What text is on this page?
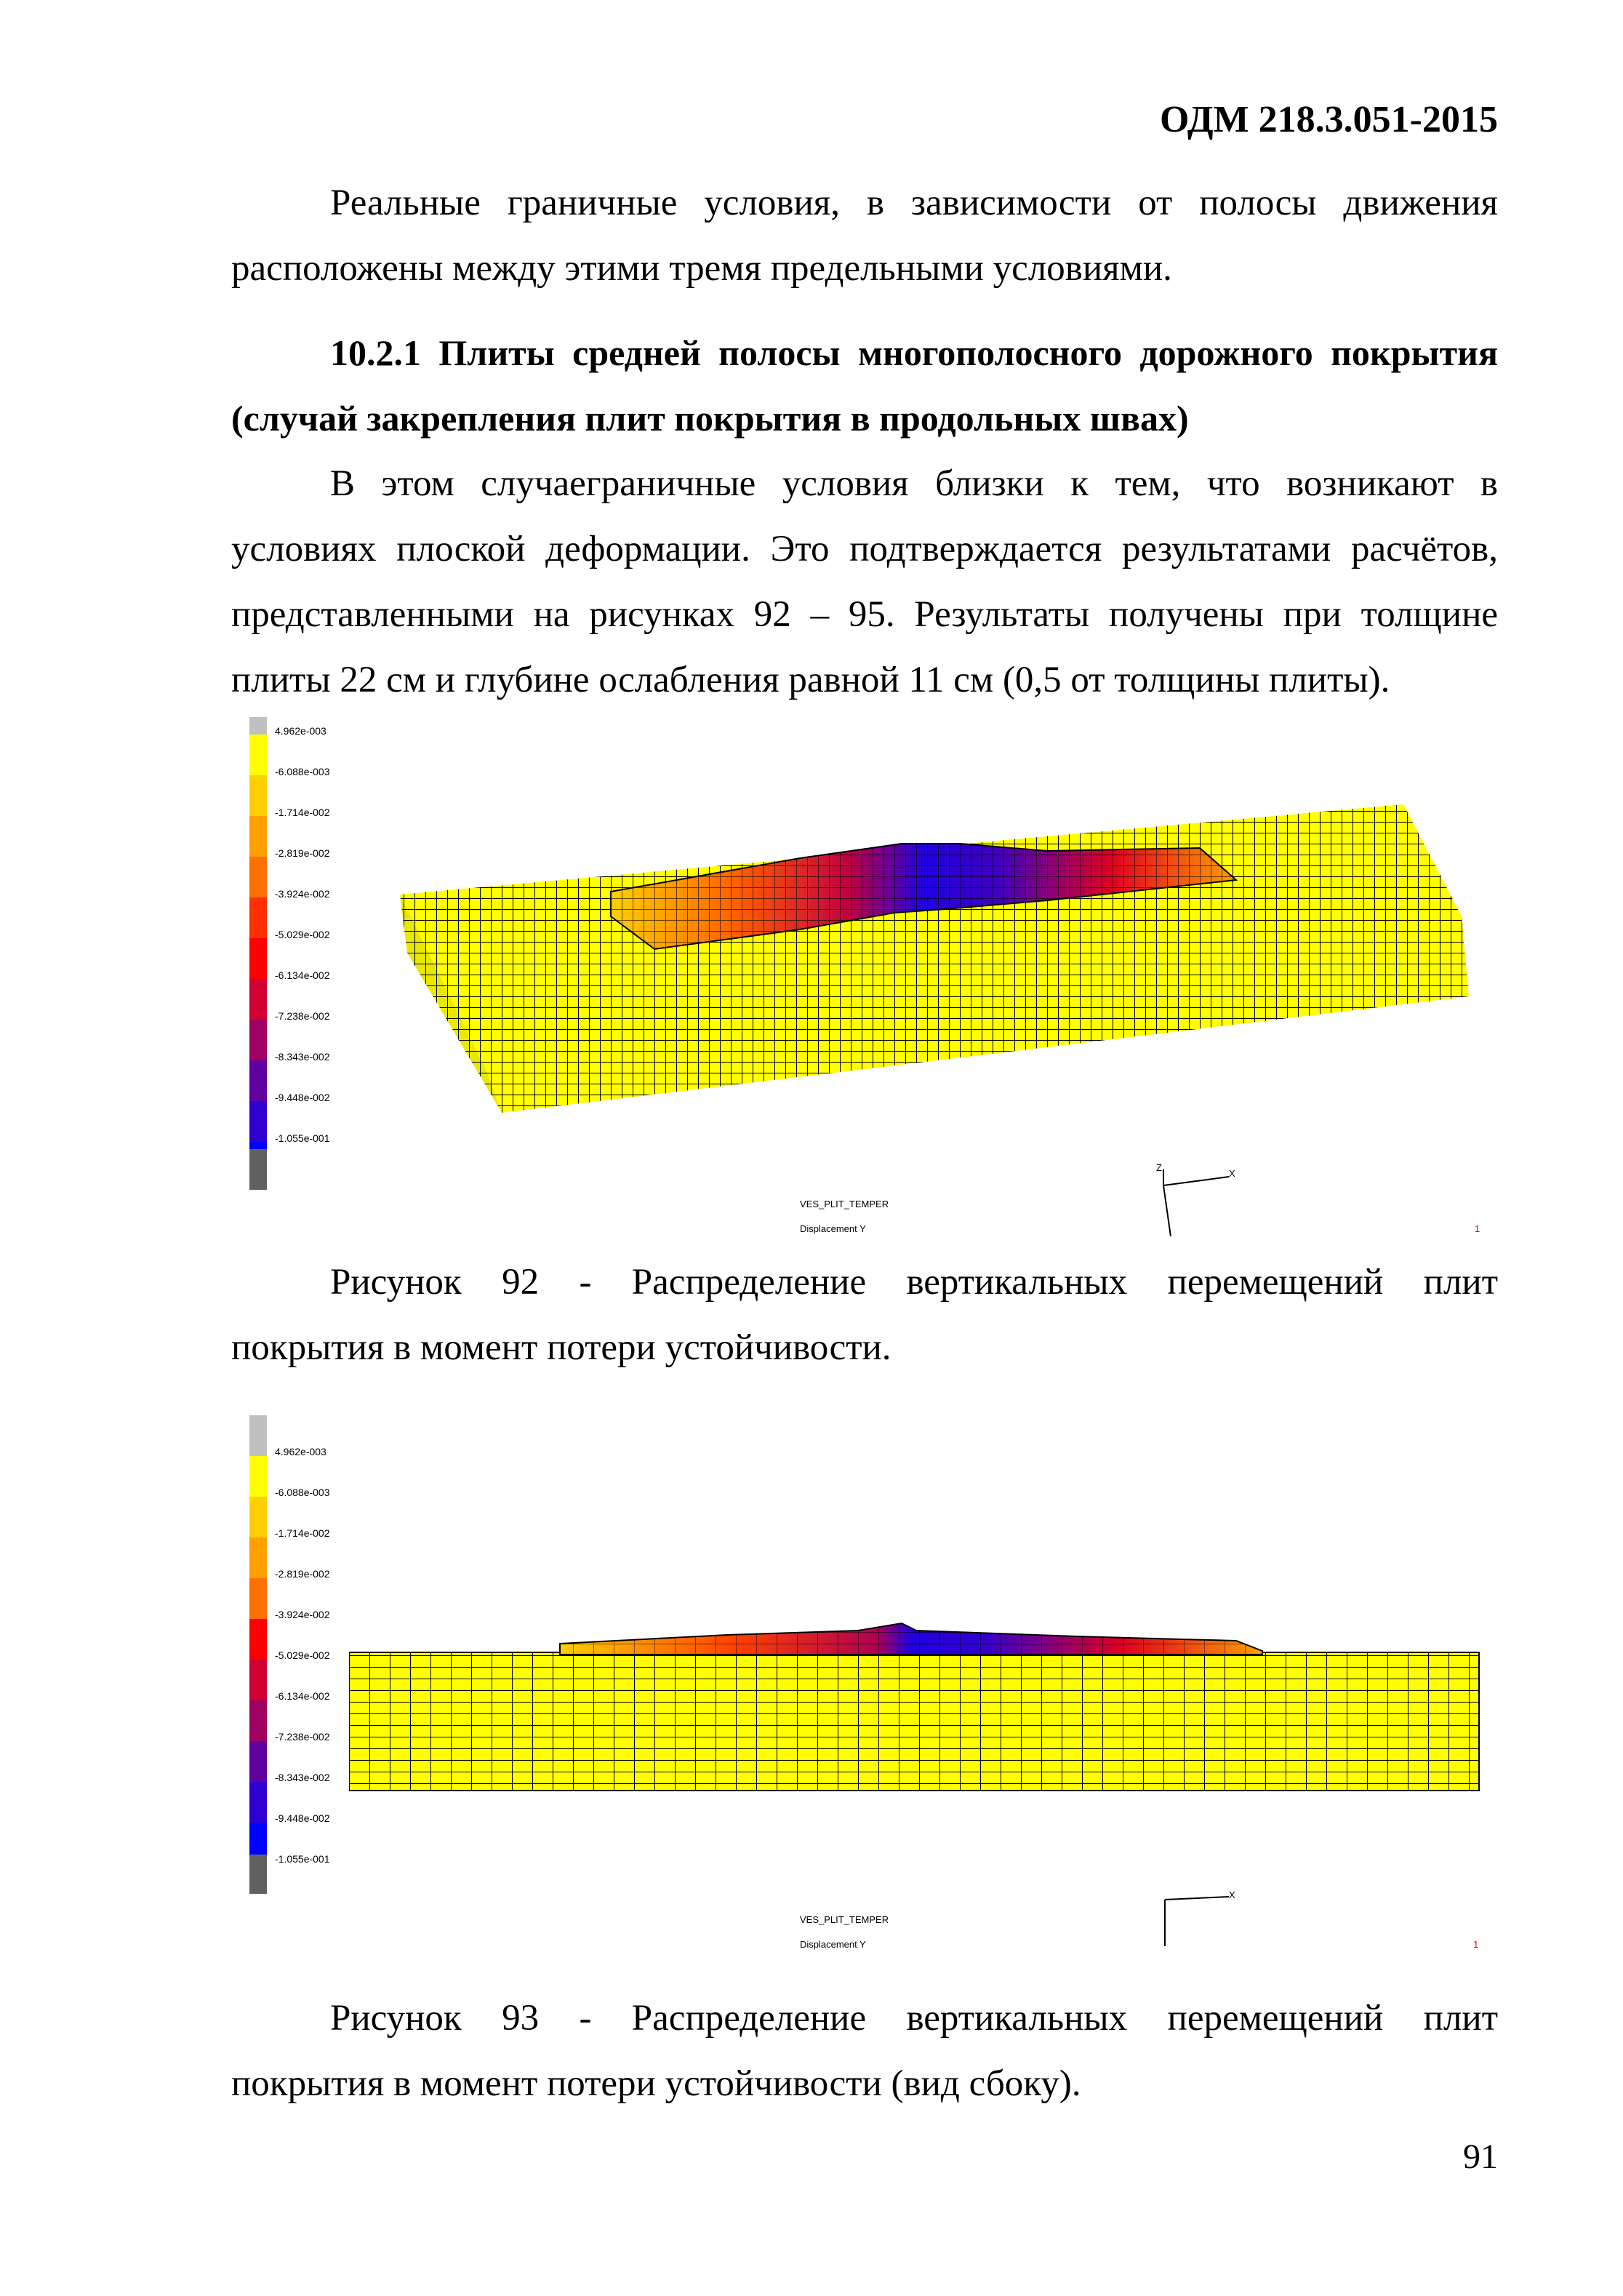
ОДМ 218.3.051-2015
Реальные граничные условия, в зависимости от полосы движения
расположены между этими тремя предельными условиями.
10.2.1 Плиты средней полосы многополосного дорожного покрытия
(случай закрепления плит покрытия в продольных швах)
В этом случаеграничные условия близки к тем, что возникают в
условиях плоской деформации. Это подтверждается результатами расчётов,
представленными на рисунках 92 – 95. Результаты получены при толщине
плиты 22 см и глубине ослабления равной 11 см (0,5 от толщины плиты).
4.962e-003
-6.088e-003
-1.714e-002
-2.819e-002
-3.924e-002
-5.029e-002
-6.134e-002
-7.238e-002
-8.343e-002
-9.448e-002
-1.055e-001
VES_PLIT_TEMPER
Displacement Y	1
X
Z
Рисунок 92 - Распределение вертикальных перемещений плит
покрытия в момент потери устойчивости.
4.962e-003
-6.088e-003
-1.714e-002
-2.819e-002
-3.924e-002
-5.029e-002
-6.134e-002
-7.238e-002
-8.343e-002
-9.448e-002
-1.055e-001
VES_PLIT_TEMPER
Displacement Y	1
X
Рисунок 93 - Распределение вертикальных перемещений плит
покрытия в момент потери устойчивости (вид сбоку).
91
